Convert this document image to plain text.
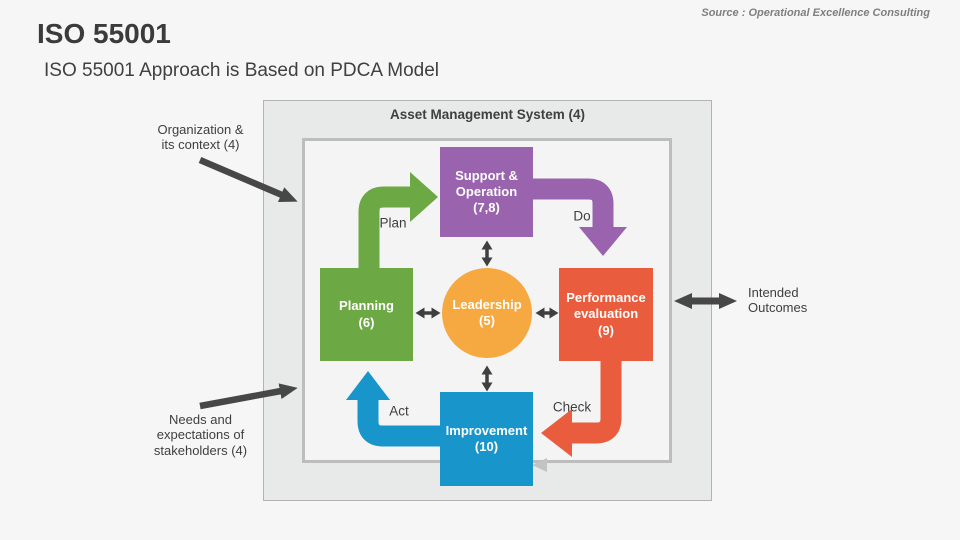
ISO 55001
ISO 55001 Approach is Based on PDCA Model
Source : Operational Excellence Consulting
Asset Management System (4)
Support &
Operation
(7,8)
Planning
(6)
Leadership
(5)
Performance
evaluation
(9)
Improvement
(10)
Plan	Do
Check
Act
Organization &
its context (4)
Needs and
expectations of
stakeholders (4)
Intended
Outcomes
